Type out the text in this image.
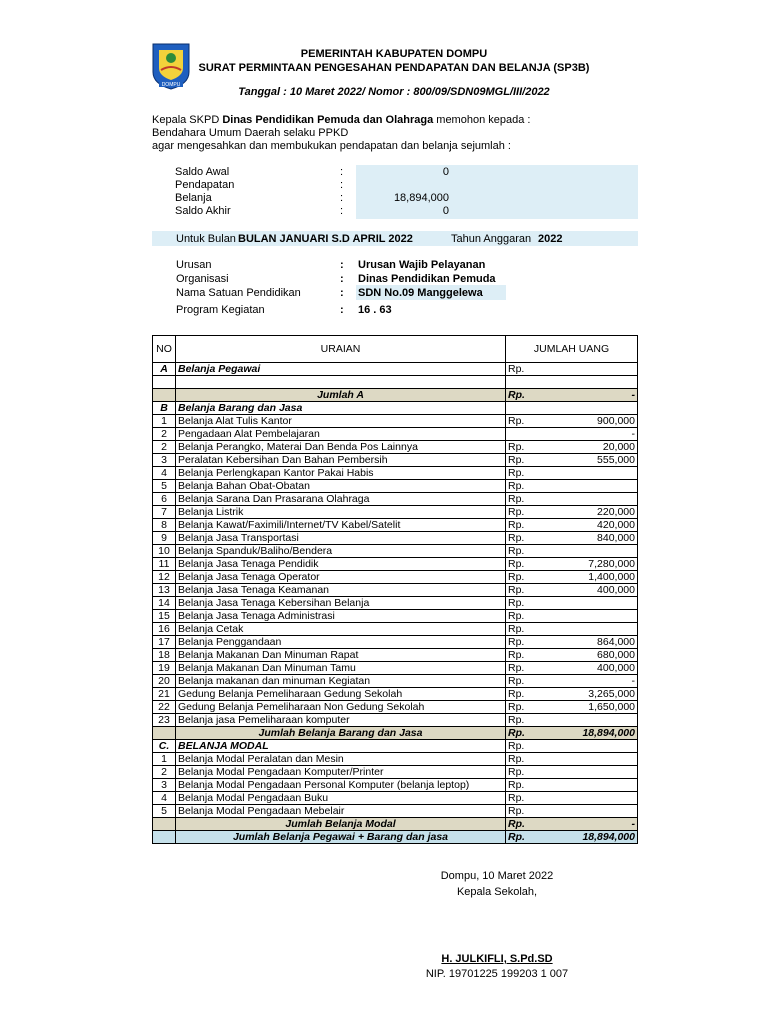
DOMPU
PEMERINTAH KABUPATEN DOMPU
SURAT PERMINTAAN PENGESAHAN PENDAPATAN DAN BELANJA (SP3B)
Tanggal : 10 Maret 2022/ Nomor : 800/09/SDN09MGL/III/2022
Kepala SKPD Dinas Pendidikan Pemuda dan Olahraga memohon kepada :
Bendahara Umum Daerah selaku PPKD
agar mengesahkan dan membukukan pendapatan dan belanja sejumlah :
Saldo Awal	:	0
Pendapatan	:
Belanja	:	18,894,000
Saldo Akhir	:	0
Untuk Bulan BULAN JANUARI S.D APRIL 2022	Tahun Anggaran 2022
Urusan	: Urusan Wajib Pelayanan
Organisasi	: Dinas Pendidikan Pemuda
Nama Satuan Pendidikan	: SDN No.09 Manggelewa
Program Kegiatan	: 16 . 63
NO	URAIAN	JUMLAH UANG	
A	Belanja Pegawai	Rp.	

	Jumlah A	Rp.	-
B	Belanja Barang dan Jasa		
1	Belanja Alat Tulis Kantor	Rp.	900,000
2	Pengadaan Alat Pembelajaran		-
2	Belanja Perangko, Materai Dan Benda Pos Lainnya	Rp.	20,000
3	Peralatan Kebersihan Dan Bahan Pembersih	Rp.	555,000
4	Belanja Perlengkapan Kantor Pakai Habis	Rp.	
5	Belanja Bahan Obat-Obatan	Rp.	
6	Belanja Sarana Dan Prasarana Olahraga	Rp.	
7	Belanja Listrik	Rp.	220,000
8	Belanja Kawat/Faximili/Internet/TV Kabel/Satelit	Rp.	420,000
9	Belanja Jasa Transportasi	Rp.	840,000
10	Belanja Spanduk/Baliho/Bendera	Rp.	
11	Belanja Jasa Tenaga Pendidik	Rp.	7,280,000
12	Belanja Jasa Tenaga Operator	Rp.	1,400,000
13	Belanja Jasa Tenaga Keamanan	Rp.	400,000
14	Belanja Jasa Tenaga Kebersihan Belanja	Rp.	
15	Belanja Jasa Tenaga Administrasi	Rp.	
16	Belanja Cetak	Rp.	
17	Belanja Penggandaan	Rp.	864,000
18	Belanja Makanan Dan Minuman Rapat	Rp.	680,000
19	Belanja Makanan Dan Minuman Tamu	Rp.	400,000
20	Belanja makanan dan minuman Kegiatan	Rp.	-
21	Gedung Belanja Pemeliharaan Gedung Sekolah	Rp.	3,265,000
22	Gedung Belanja Pemeliharaan Non Gedung Sekolah	Rp.	1,650,000
23	Belanja jasa Pemeliharaan komputer	Rp.	
	Jumlah Belanja Barang dan Jasa	Rp.	18,894,000
C.	BELANJA MODAL	Rp.	
1	Belanja Modal Peralatan dan Mesin	Rp.	
2	Belanja Modal Pengadaan Komputer/Printer	Rp.	
3	Belanja Modal Pengadaan Personal Komputer (belanja leptop)	Rp.	
4	Belanja Modal Pengadaan Buku	Rp.	
5	Belanja Modal Pengadaan Mebelair	Rp.	
	Jumlah Belanja Modal	Rp.	-
	Jumlah Belanja Pegawai + Barang dan jasa	Rp.	18,894,000
Dompu, 10 Maret 2022
Kepala Sekolah,
H. JULKIFLI, S.Pd.SD
NIP. 19701225 199203 1 007
